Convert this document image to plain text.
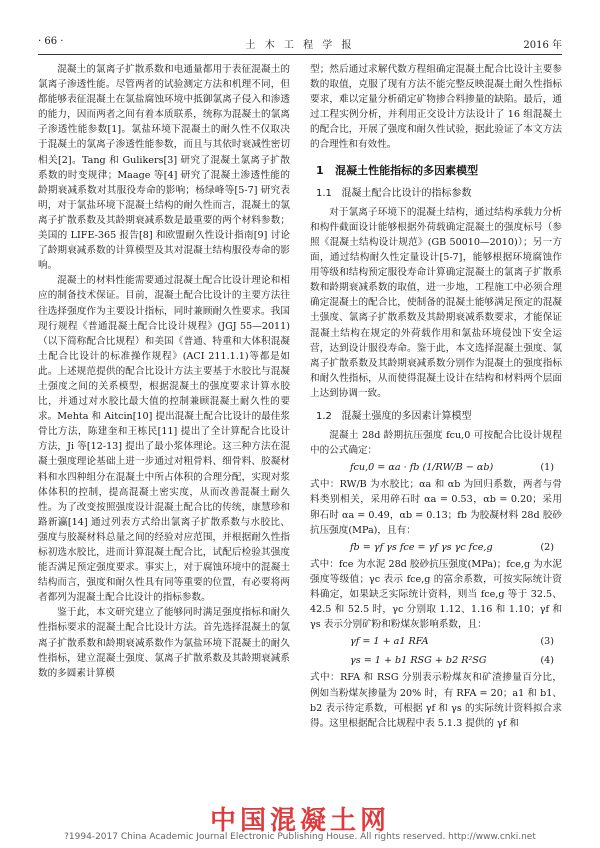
· 66 ·	土 木 工 程 学 报	2016 年

混凝土的氯离子扩散系数和电通量都用于表征混凝土的氯离子渗透性能。尽管两者的试验测定方法和机理不同，但都能够表征混凝土在氯盐腐蚀环境中抵御氯离子侵入和渗透的能力，因而两者之间有着本质联系，统称为混凝土的氯离子渗透性能参数[1]。氯盐环境下混凝土的耐久性不仅取决于混凝土的氯离子渗透性能参数，而且与其依时衰减性密切相关[2]。Tang 和 Gulikers[3] 研究了混凝土氯离子扩散系数的时变规律；Maage 等[4] 研究了混凝土渗透性能的龄期衰减系数对其服役寿命的影响；杨绿峰等[5-7] 研究表明，对于氯盐环境下混凝土结构的耐久性而言，混凝土的氯离子扩散系数及其龄期衰减系数是最重要的两个材料参数；美国的 LIFE-365 报告[8] 和欧盟耐久性设计指南[9] 讨论了龄期衰减系数的计算模型及其对混凝土结构服役寿命的影响。

混凝土的材料性能需要通过混凝土配合比设计理论和相应的制备技术保证。目前，混凝土配合比设计的主要方法往往选择强度作为主要设计指标，同时兼顾耐久性要求。我国现行规程《普通混凝土配合比设计规程》(JGJ 55—2011)（以下简称配合比规程）和美国《普通、特重和大体积混凝土配合比设计的标准操作规程》(ACI 211.1.1)等都是如此。上述规范提供的配合比设计方法主要基于水胶比与混凝土强度之间的关系模型，根据混凝土的强度要求计算水胶比，并通过对水胶比最大值的控制兼顾混凝土耐久性的要求。Mehta 和 Aitcin[10] 提出混凝土配合比设计的最佳浆骨比方法，陈建奎和王栋民[11] 提出了全计算配合比设计方法，Ji 等[12-13] 提出了最小浆体理论。这三种方法在混凝土强度理论基础上进一步通过对粗骨料、细骨料、胶凝材料和水四种组分在混凝土中所占体积的合理分配，实现对浆体体积的控制，提高混凝土密实度，从而改善混凝土耐久性。为了改变按照强度设计混凝土配合比的传统，康慧珍和路新瀛[14] 通过列表方式给出氯离子扩散系数与水胶比、强度与胶凝材料总量之间的经验对应范围，并根据耐久性指标初选水胶比，进而计算混凝土配合比，试配后检验其强度能否满足预定强度要求。事实上，对于腐蚀环境中的混凝土结构而言，强度和耐久性具有同等重要的位置，有必要将两者都列为混凝土配合比设计的指标参数。

鉴于此，本文研究建立了能够同时满足强度指标和耐久性指标要求的混凝土配合比设计方法。首先选择混凝土的氯离子扩散系数和龄期衰减系数作为氯盐环境下混凝土的耐久性指标，建立混凝土强度、氯离子扩散系数及其龄期衰减系数的多圆素计算模

型；然后通过求解代数方程组确定混凝土配合比设计主要参数的取值，克服了现有方法不能完整反映混凝土耐久性指标要求，难以定量分析硝定矿物掺合料掺量的缺陷。最后，通过工程实例分析，并利用正交设计方法设计了 16 组混凝土的配合比，开展了强度和耐久性试验，据此验证了本文方法的合理性和有效性。

1 混凝土性能指标的多因素模型
1.1 混凝土配合比设计的指标参数

对于氯离子环境下的混凝土结构，通过结构承载力分析和构件截面设计能够根据外荷载确定混凝土的强度标号（参照《混凝土结构设计规范》(GB 50010—2010)）；另一方面，通过结构耐久性定量设计[5-7]，能够根据环境腐蚀作用等级和结构预定服役寿命计算确定混凝土的氯离子扩散系数和龄期衰减系数的取值，进一步地，工程施工中必须合理确定混凝土的配合比，使制备的混凝土能够满足预定的混凝土强度、氯离子扩散系数及其龄期衰减系数要求，才能保证混凝土结构在规定的外荷载作用和氯盐环境侵蚀下安全运营，达到设计服役寿命。鉴于此，本文选择混凝土强度、氯离子扩散系数及其龄期衰减系数分别作为混凝土的强度指标和耐久性指标，从而使得混凝土设计在结构和材料两个层面上达到协调一致。

1.2 混凝土强度的多因素计算模型

混凝土 28d 龄期抗压强度 fcu,0 可按配合比设计规程中的公式确定：

fcu,0 = αa · fb (1/RW/B − αb)	(1)

式中：RW/B 为水胶比；αa 和 αb 为回归系数，两者与骨料类别相关，采用碎石时 αa = 0.53，αb = 0.20；采用卵石时 αa = 0.49，αb = 0.13；fb 为胶凝材料 28d 胶砂抗压强度(MPa)，且有：

fb = γf γs fce = γf γs γc fce,g	(2)

式中：fce 为水泥 28d 胶砂抗压强度(MPa)；fce,g 为水泥强度等级值；γc 表示 fce,g 的富余系数，可按实际统计资料确定，如果缺乏实际统计资料，则当 fce,g 等于 32.5、42.5 和 52.5 时，γc 分别取 1.12、1.16 和 1.10；γf 和 γs 表示分别矿粉和粉煤灰影响系数，且：

γf = 1 + a1 RFA	(3)
γs = 1 + b1 RSG + b2 R²SG	(4)

式中：RFA 和 RSG 分别表示粉煤灰和矿渣掺量百分比，例如当粉煤灰掺量为 20% 时，有 RFA = 20；a1 和 b1、b2 表示待定系数，可根据 γf 和 γs 的实际统计资料拟合求得。这里根据配合比规程中表 5.1.3 提供的 γf 和

中国混凝土网
?1994-2017 China Academic Journal Electronic Publishing House. All rights reserved. http://www.cnki.net
